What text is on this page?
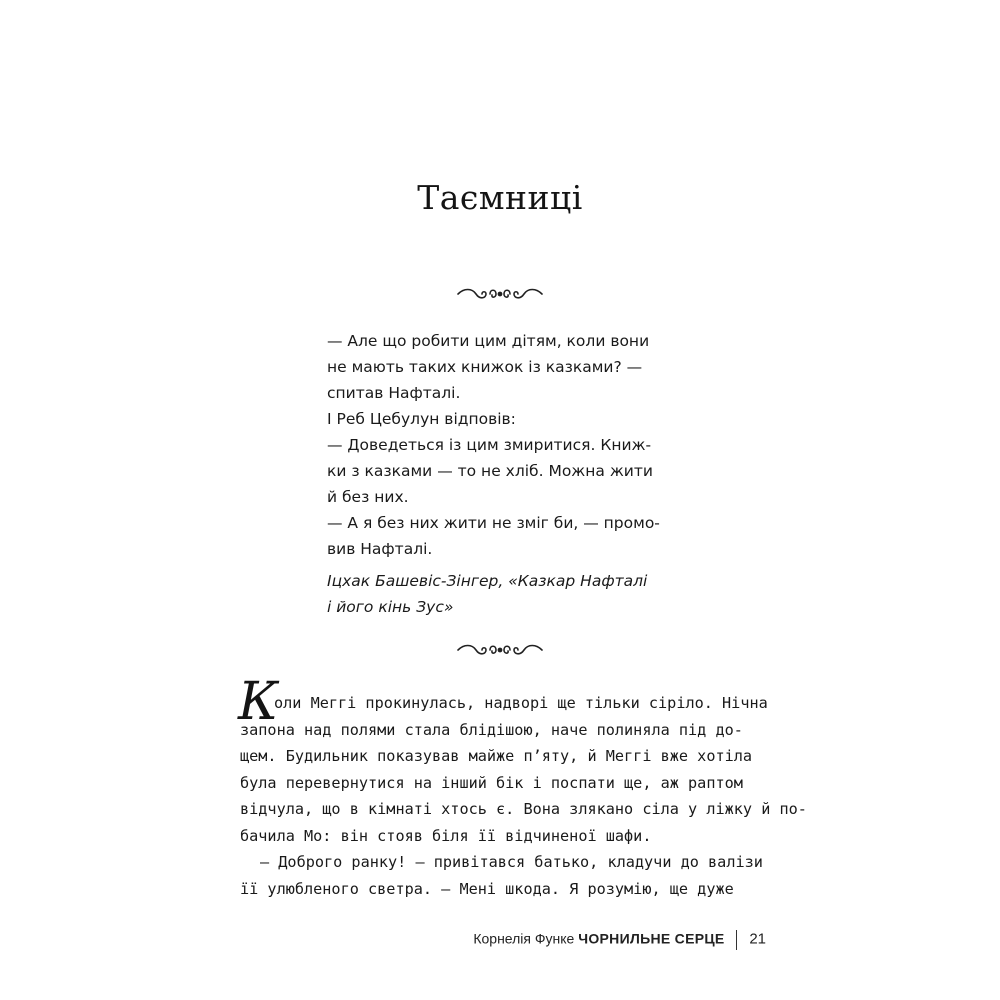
Таємниці
— Але що робити цим дітям, коли вони
не мають таких книжок із казками? —
спитав Нафталі.
І Реб Цебулун відповів:
— Доведеться із цим змиритися. Книж-
ки з казками — то не хліб. Можна жити
й без них.
— А я без них жити не зміг би, — промо-
вив Нафталі.
Іцхак Башевіс-Зінгер, «Казкар Нафталі
і його кінь Зус»
К
оли Меггі прокинулась, надворі ще тільки сіріло. Нічна
запона над полями стала блідішою, наче полиняла під до-
щем. Будильник показував майже п’яту, й Меггі вже хотіла
була перевернутися на інший бік і поспати ще, аж раптом
відчула, що в кімнаті хтось є. Вона злякано сіла у ліжку й по-
бачила Мо: він стояв біля її відчиненої шафи.
— Доброго ранку! — привітався батько, кладучи до валізи
її улюбленого светра. — Мені шкода. Я розумію, ще дуже
Корнелія Функе ЧОРНИЛЬНЕ СЕРЦЕ 21
